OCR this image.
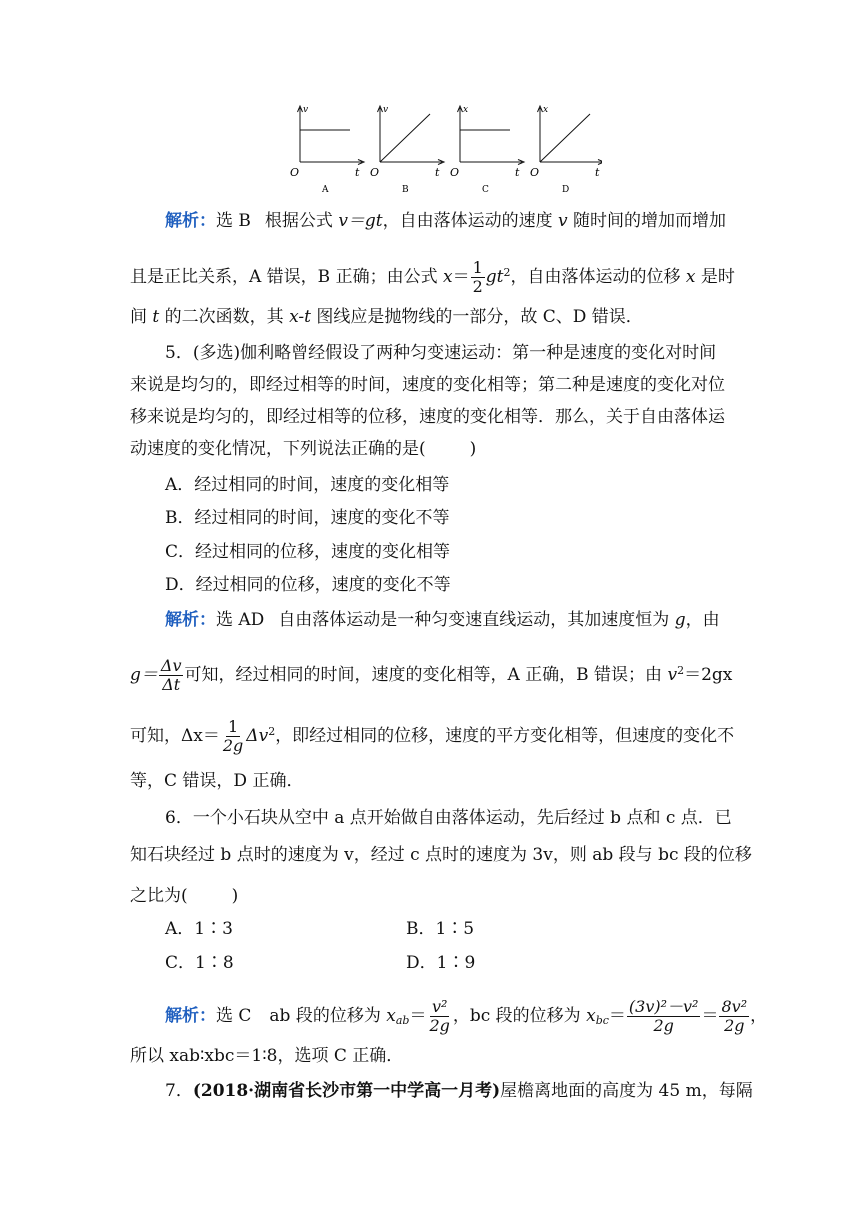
v
O	t
A
v
O	t
B
x
O	t
C
x
O	t
D
解析：选 B 根据公式 v＝gt，自由落体运动的速度 v 随时间的增加而增加
且是正比关系，A 错误，B 正确；由公式 $x= \frac{1}{2} gt^2$，自由落体运动的位移 x 是时
间 t 的二次函数，其 x-t 图线应是抛物线的一部分，故 C、D 错误．
5．(多选)伽利略曾经假设了两种匀变速运动：第一种是速度的变化对时间
来说是均匀的，即经过相等的时间，速度的变化相等；第二种是速度的变化对位
移来说是均匀的，即经过相等的位移，速度的变化相等．那么，关于自由落体运
动速度的变化情况，下列说法正确的是(	)
A．经过相同的时间，速度的变化相等
B．经过相同的时间，速度的变化不等
C．经过相同的位移，速度的变化相等
D．经过相同的位移，速度的变化不等
解析：选 AD 自由落体运动是一种匀变速直线运动，其加速度恒为 g，由
$g= \frac{\Delta v}{\Delta t}$ 可知，经过相同的时间，速度的变化相等，A 正确，B 错误；由 $v^2=2gx$
可知，$\Delta x= \frac{1}{2g} \Delta v^2$，即经过相同的位移，速度的平方变化相等，但速度的变化不
等，C 错误，D 正确．
6．一个小石块从空中 a 点开始做自由落体运动，先后经过 b 点和 c 点．已
知石块经过 b 点时的速度为 v，经过 c 点时的速度为 3v，则 ab 段与 bc 段的位移
之比为(	)
A．1∶3	B．1∶5
C．1∶8	D．1∶9
解析：选 C ab 段的位移为 $x_{ab}= \frac{\text{v²}}{2g}$ ，bc 段的位移为 $x_{bc}= \frac{\text{(3v)²－v²}}{2g} = \frac{\text{8v²}}{2g}$ ，
所以 xab∶xbc＝1∶8，选项 C 正确．
7．(2018·湖南省长沙市第一中学高一月考)屋檐离地面的高度为 45 m，每隔
